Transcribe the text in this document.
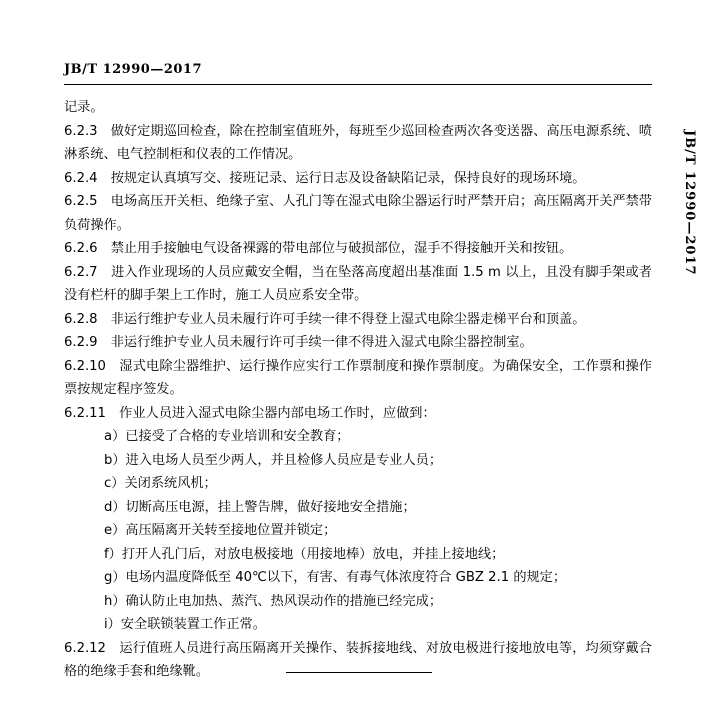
JB/T 12990—2017
JB/T 12990—2017

记录。

6.2.3　做好定期巡回检查，除在控制室值班外，每班至少巡回检查两次各变送器、高压电源系统、喷淋系统、电气控制柜和仪表的工作情况。

6.2.4　按规定认真填写交、接班记录、运行日志及设备缺陷记录，保持良好的现场环境。

6.2.5　电场高压开关柜、绝缘子室、人孔门等在湿式电除尘器运行时严禁开启；高压隔离开关严禁带负荷操作。

6.2.6　禁止用手接触电气设备裸露的带电部位与破损部位，湿手不得接触开关和按钮。

6.2.7　进入作业现场的人员应戴安全帽，当在坠落高度超出基准面 1.5 m 以上，且没有脚手架或者没有栏杆的脚手架上工作时，施工人员应系安全带。

6.2.8　非运行维护专业人员未履行许可手续一律不得登上湿式电除尘器走梯平台和顶盖。

6.2.9　非运行维护专业人员未履行许可手续一律不得进入湿式电除尘器控制室。

6.2.10　湿式电除尘器维护、运行操作应实行工作票制度和操作票制度。为确保安全，工作票和操作票按规定程序签发。

6.2.11　作业人员进入湿式电除尘器内部电场工作时，应做到：

a）已接受了合格的专业培训和安全教育；
b）进入电场人员至少两人，并且检修人员应是专业人员；
c）关闭系统风机；
d）切断高压电源，挂上警告牌，做好接地安全措施；
e）高压隔离开关转至接地位置并锁定；
f）打开人孔门后，对放电极接地（用接地棒）放电，并挂上接地线；
g）电场内温度降低至 40℃以下，有害、有毒气体浓度符合 GBZ 2.1 的规定；
h）确认防止电加热、蒸汽、热风误动作的措施已经完成；
i）安全联锁装置工作正常。

6.2.12　运行值班人员进行高压隔离开关操作、装拆接地线、对放电极进行接地放电等，均须穿戴合格的绝缘手套和绝缘靴。
